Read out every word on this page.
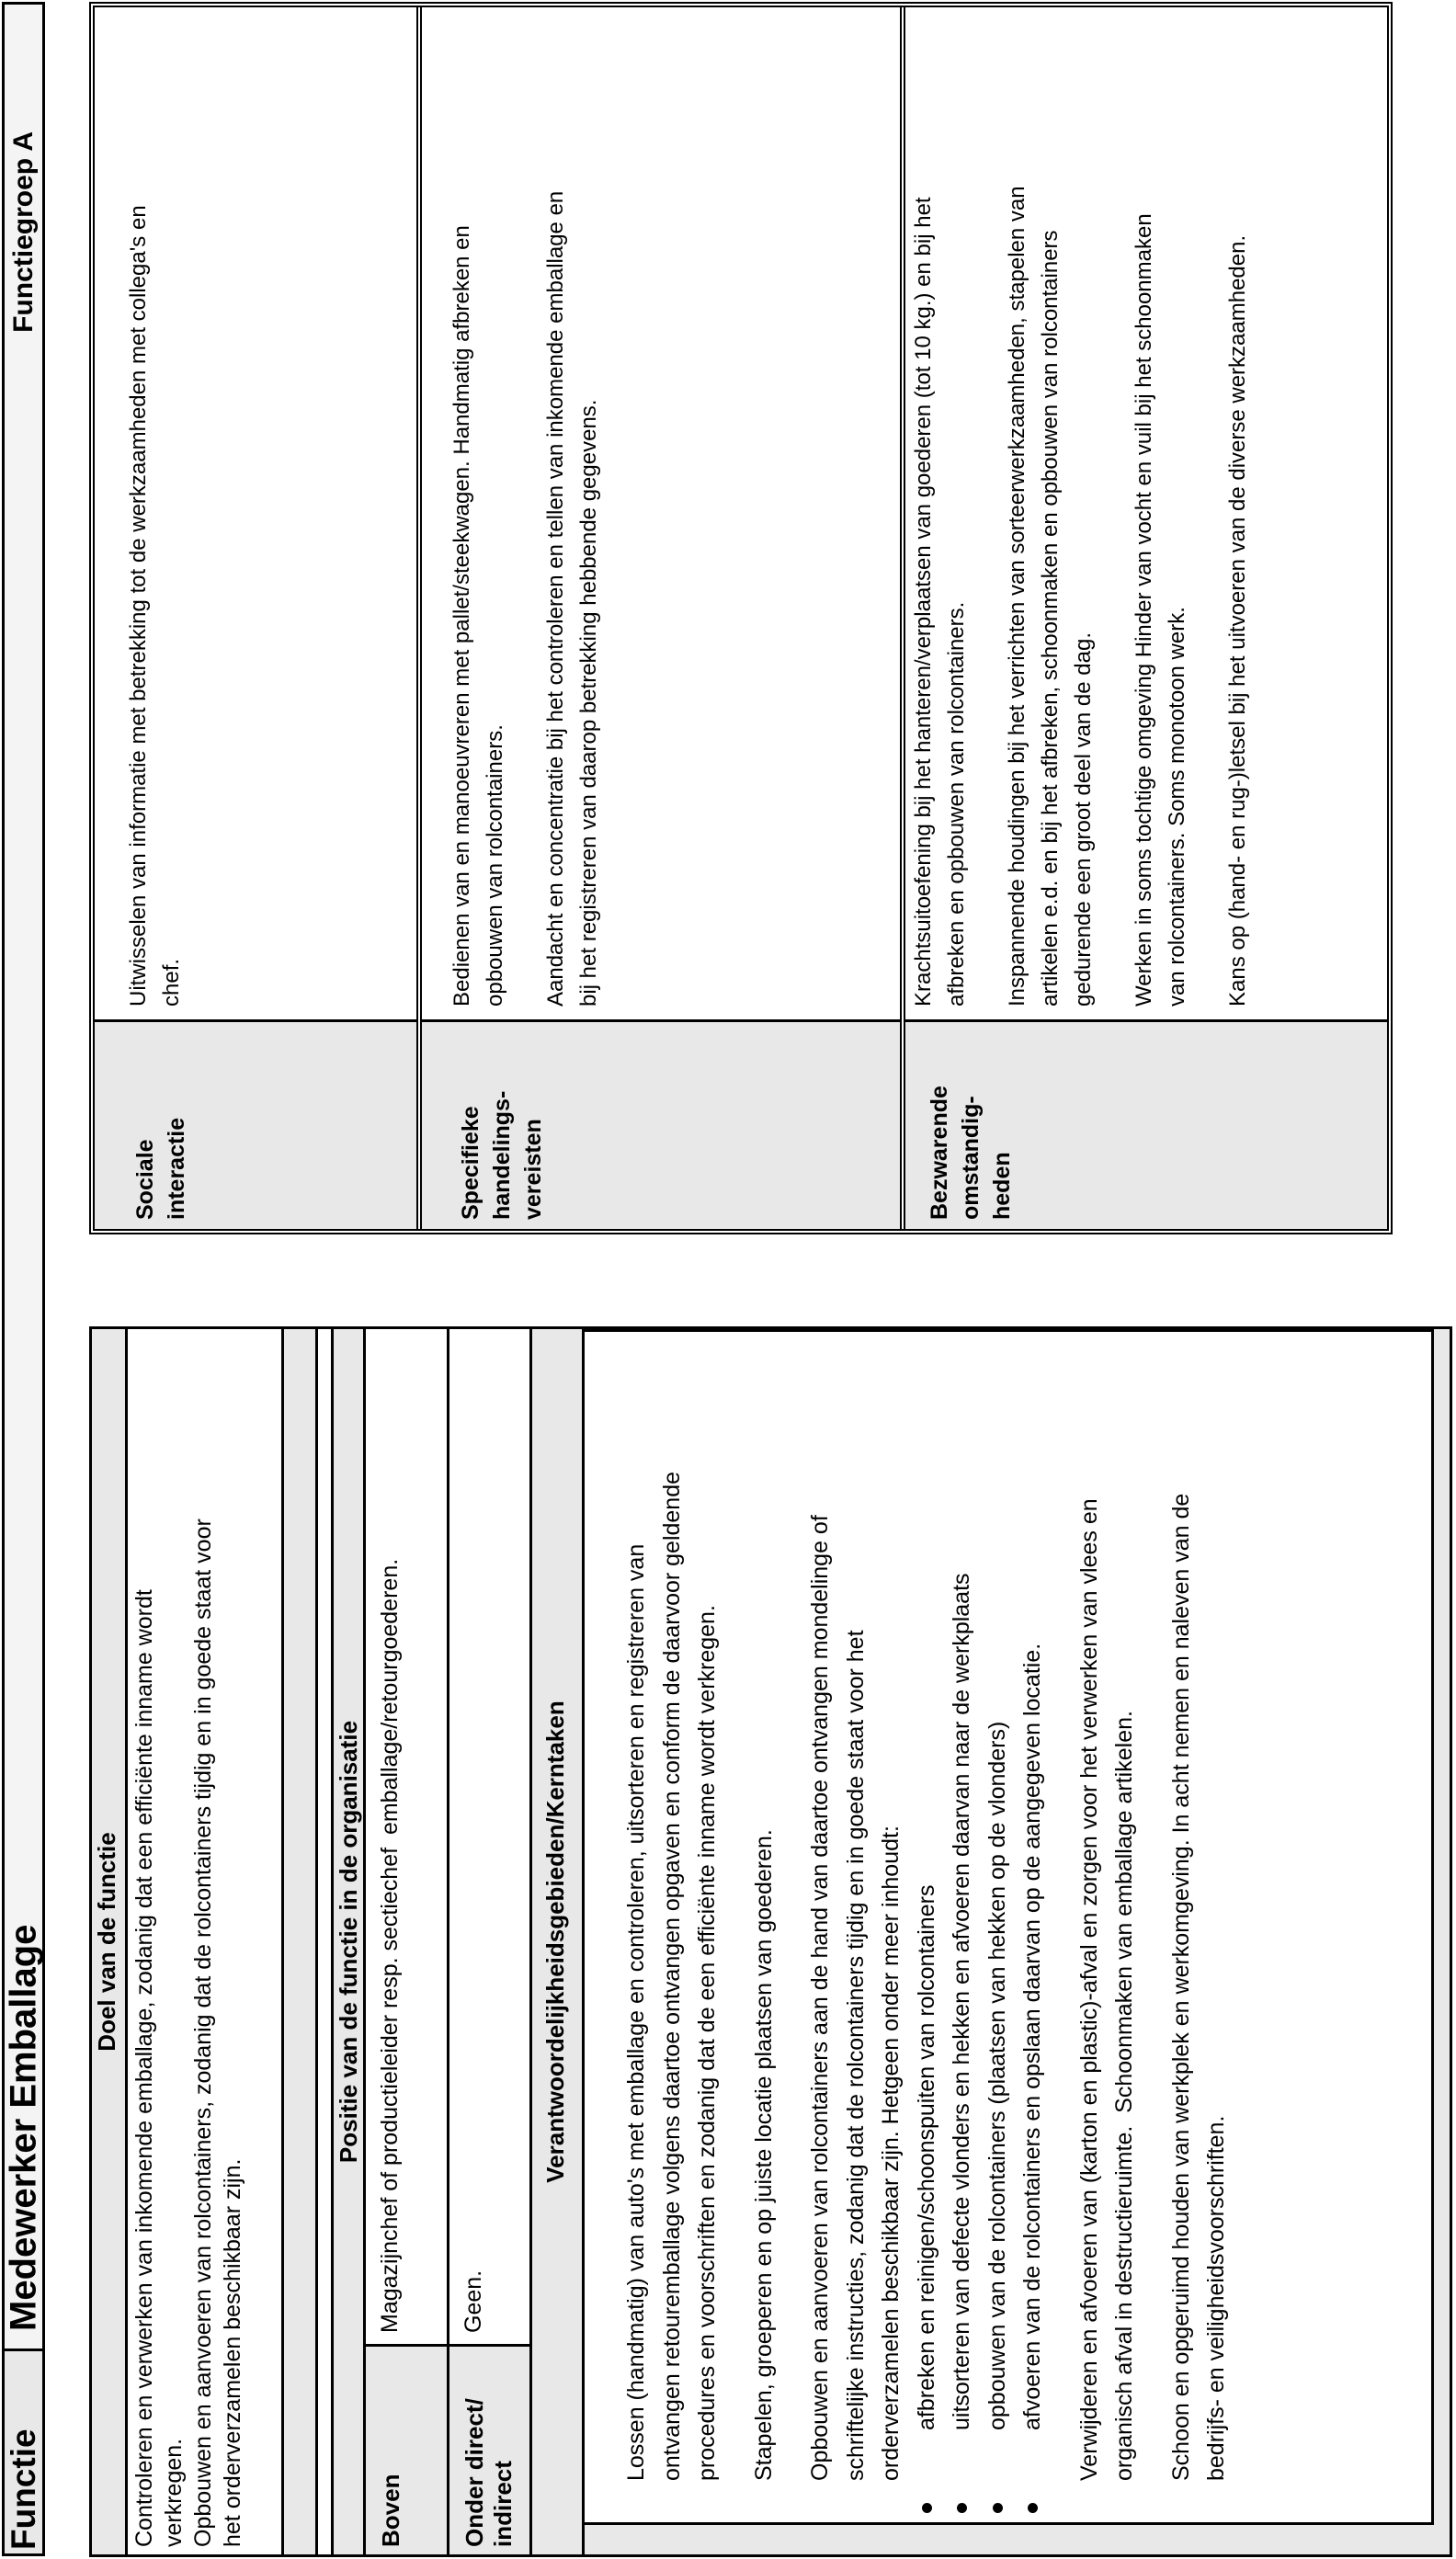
Functie
Medewerker Emballage
Functiegroep A
Doel van de functie
Controleren en verwerken van inkomende emballage, zodanig dat een efficiënte inname wordt
verkregen.
Opbouwen en aanvoeren van rolcontainers, zodanig dat de rolcontainers tijdig en in goede staat voor
het orderverzamelen beschikbaar zijn.
Positie van de functie in de organisatie
Boven
Magazijnchef of productieleider resp. sectiechef  emballage/retourgoederen.
Onder direct/
indirect
Geen.
Verantwoordelijkheidsgebieden/Kerntaken
Lossen (handmatig) van auto's met emballage en controleren, uitsorteren en registreren van
ontvangen retouremballage volgens daartoe ontvangen opgaven en conform de daarvoor geldende
procedures en voorschriften en zodanig dat de een efficiënte inname wordt verkregen.
Stapelen, groeperen en op juiste locatie plaatsen van goederen. Opbouwen en aanvoeren van rolcontainers aan de hand van daartoe ontvangen mondelinge of
schriftelijke instructies, zodanig dat de rolcontainers tijdig en in goede staat voor het
orderverzamelen beschikbaar zijn. Hetgeen onder meer inhoudt:
afbreken en reinigen/schoonspuiten van rolcontainers uitsorteren van defecte vlonders en hekken en afvoeren daarvan naar de werkplaats opbouwen van de rolcontainers (plaatsen van hekken op de vlonders) afvoeren van de rolcontainers en opslaan daarvan op de aangegeven locatie. Verwijderen en afvoeren van (karton en plastic)-afval en zorgen voor het verwerken van vlees en
organisch afval in destructieruimte.  Schoonmaken van emballage artikelen.
Schoon en opgeruimd houden van werkplek en werkomgeving. In acht nemen en naleven van de
bedrijfs- en veiligheidsvoorschriften.
Sociale
interactie
Uitwisselen van informatie met betrekking tot de werkzaamheden met collega's en
chef.
Specifieke
handelings-
vereisten
Bedienen van en manoeuvreren met pallet/steekwagen. Handmatig afbreken en
opbouwen van rolcontainers.
Aandacht en concentratie bij het controleren en tellen van inkomende emballage en
bij het registreren van daarop betrekking hebbende gegevens.
Bezwarende
omstandig-
heden
Krachtsuitoefening bij het hanteren/verplaatsen van goederen (tot 10 kg.) en bij het
afbreken en opbouwen van rolcontainers.
Inspannende houdingen bij het verrichten van sorteerwerkzaamheden, stapelen van
artikelen e.d. en bij het afbreken, schoonmaken en opbouwen van rolcontainers
gedurende een groot deel van de dag.
Werken in soms tochtige omgeving Hinder van vocht en vuil bij het schoonmaken
van rolcontainers. Soms monotoon werk. Kans op (hand- en rug-)letsel bij het uitvoeren van de diverse werkzaamheden.
